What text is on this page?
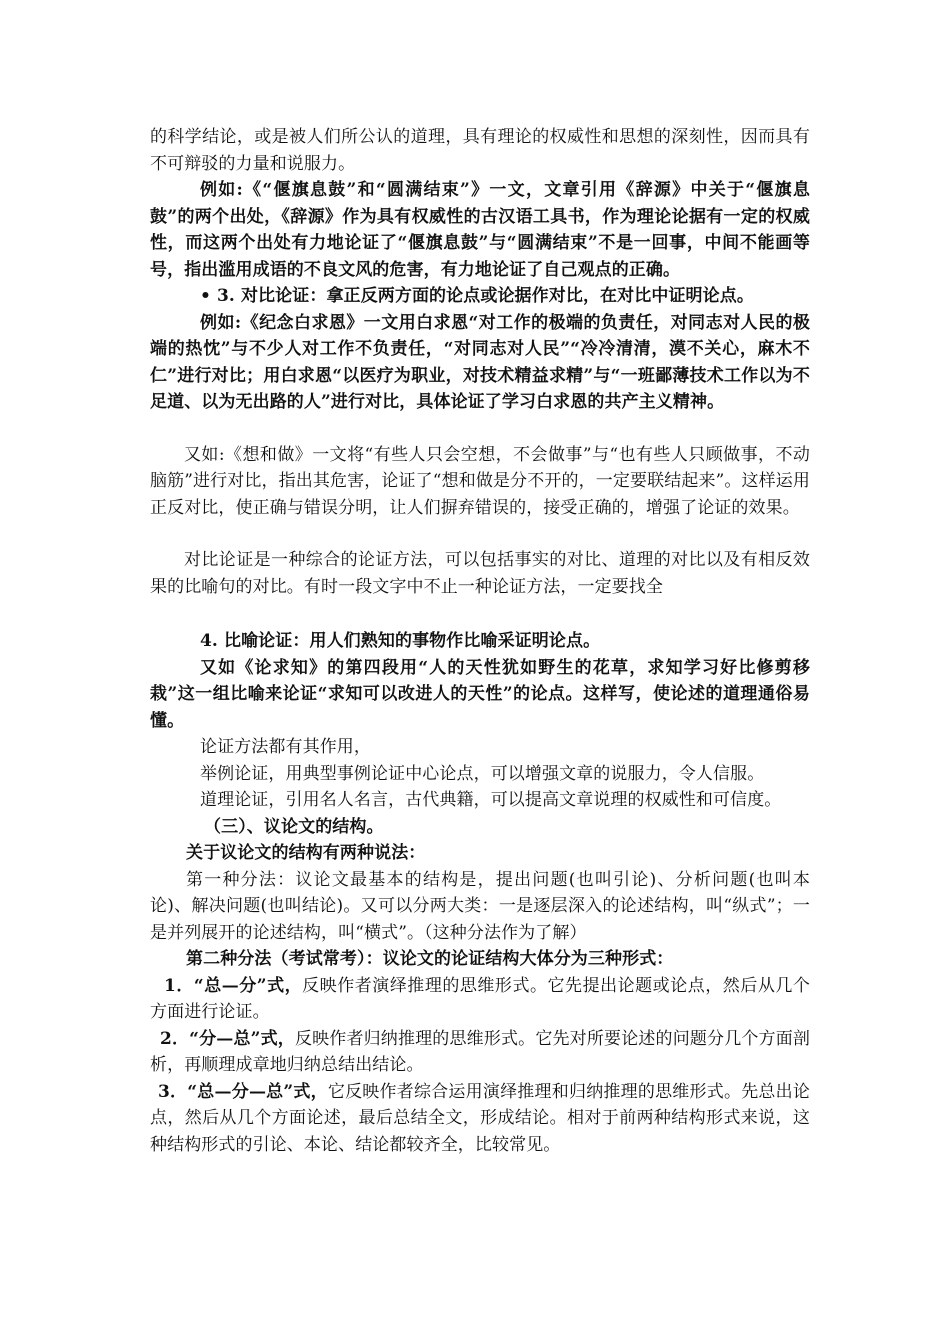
的科学结论，或是被人们所公认的道理，具有理论的权威性和思想的深刻性，因而具有不可辩驳的力量和说服力。

例如:《“偃旗息鼓”和“圆满结束”》一文，文章引用《辞源》中关于“偃旗息鼓”的两个出处，《辞源》作为具有权威性的古汉语工具书，作为理论论据有一定的权威性，而这两个出处有力地论证了“偃旗息鼓”与“圆满结束”不是一回事，中间不能画等号，指出滥用成语的不良文风的危害，有力地论证了自己观点的正确。

• 3. 对比论证：拿正反两方面的论点或论据作对比，在对比中证明论点。

例如:《纪念白求恩》一文用白求恩“对工作的极端的负责任，对同志对人民的极端的热忱”与不少人对工作不负责任，“对同志对人民”“冷冷清清，漠不关心，麻木不仁”进行对比；用白求恩“以医疗为职业，对技术精益求精”与“一班鄙薄技术工作以为不足道、以为无出路的人”进行对比，具体论证了学习白求恩的共产主义精神。

又如:《想和做》一文将“有些人只会空想，不会做事”与“也有些人只顾做事，不动脑筋”进行对比，指出其危害，论证了“想和做是分不开的，一定要联结起来”。这样运用正反对比，使正确与错误分明，让人们摒弃错误的，接受正确的，增强了论证的效果。

对比论证是一种综合的论证方法，可以包括事实的对比、道理的对比以及有相反效果的比喻句的对比。有时一段文字中不止一种论证方法，一定要找全

4. 比喻论证：用人们熟知的事物作比喻采证明论点。

又如《论求知》的第四段用“人的天性犹如野生的花草，求知学习好比修剪移栽”这一组比喻来论证“求知可以改进人的天性”的论点。这样写，使论述的道理通俗易懂。

论证方法都有其作用，

举例论证，用典型事例论证中心论点，可以增强文章的说服力，令人信服。

道理论证，引用名人名言，古代典籍，可以提高文章说理的权威性和可信度。

（三）、议论文的结构。

关于议论文的结构有两种说法：

第一种分法：议论文最基本的结构是，提出问题(也叫引论)、分析问题(也叫本论)、解决问题(也叫结论)。又可以分两大类：一是逐层深入的论述结构，叫“纵式”；一是并列展开的论述结构，叫“横式”。（这种分法作为了解）

第二种分法（考试常考）：议论文的论证结构大体分为三种形式：

1．“总—分”式，反映作者演绎推理的思维形式。它先提出论题或论点，然后从几个方面进行论证。

2．“分—总”式，反映作者归纳推理的思维形式。它先对所要论述的问题分几个方面剖析，再顺理成章地归纳总结出结论。

3．“总—分—总”式，它反映作者综合运用演绎推理和归纳推理的思维形式。先总出论点，然后从几个方面论述，最后总结全文，形成结论。相对于前两种结构形式来说，这种结构形式的引论、本论、结论都较齐全，比较常见。
